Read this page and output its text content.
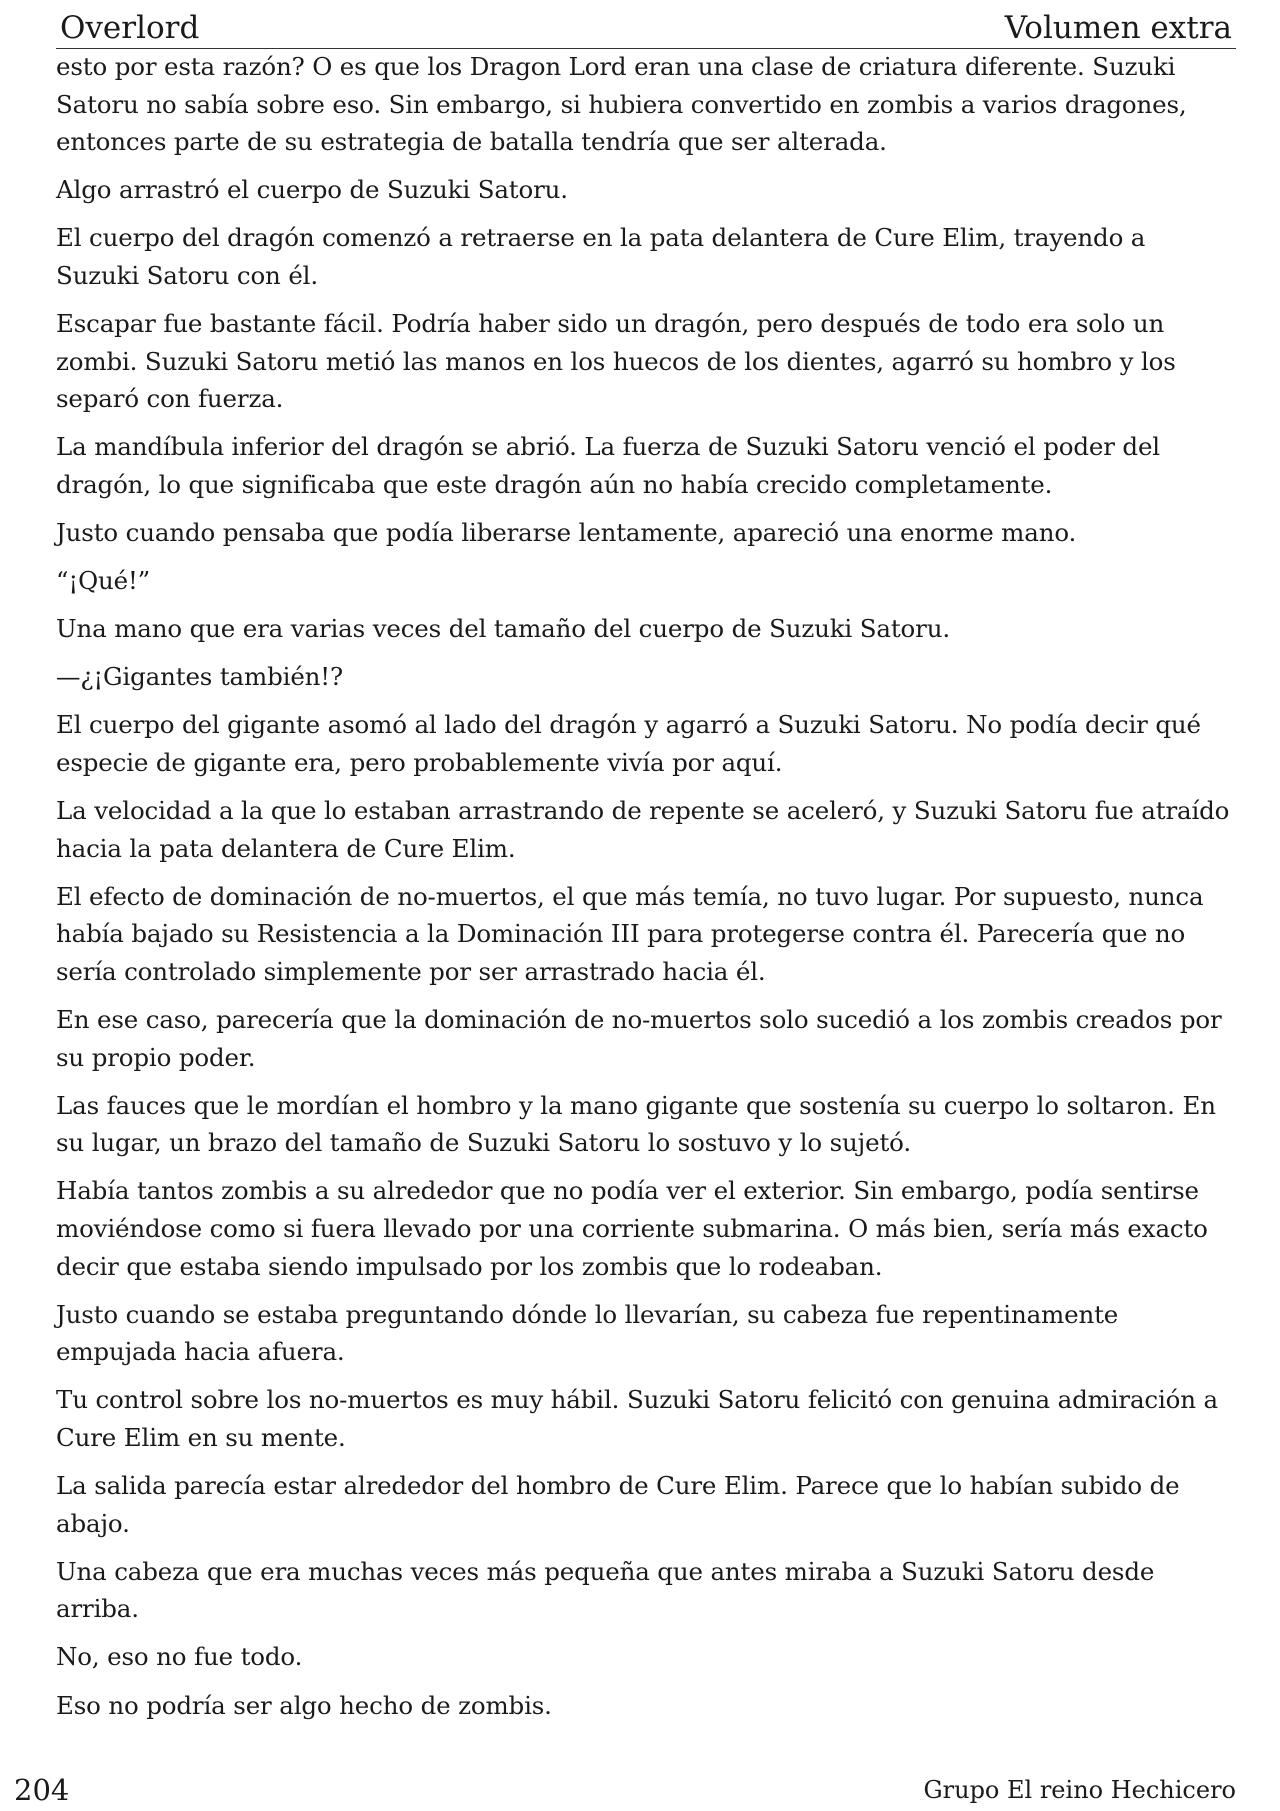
Overlord	Volumen extra

esto por esta razón? O es que los Dragon Lord eran una clase de criatura diferente. Suzuki Satoru no sabía sobre eso. Sin embargo, si hubiera convertido en zombis a varios dragones, entonces parte de su estrategia de batalla tendría que ser alterada.

Algo arrastró el cuerpo de Suzuki Satoru.

El cuerpo del dragón comenzó a retraerse en la pata delantera de Cure Elim, trayendo a Suzuki Satoru con él.

Escapar fue bastante fácil. Podría haber sido un dragón, pero después de todo era solo un zombi. Suzuki Satoru metió las manos en los huecos de los dientes, agarró su hombro y los separó con fuerza.

La mandíbula inferior del dragón se abrió. La fuerza de Suzuki Satoru venció el poder del dragón, lo que significaba que este dragón aún no había crecido completamente.

Justo cuando pensaba que podía liberarse lentamente, apareció una enorme mano.

“¡Qué!”

Una mano que era varias veces del tamaño del cuerpo de Suzuki Satoru.

—¿¡Gigantes también!?

El cuerpo del gigante asomó al lado del dragón y agarró a Suzuki Satoru. No podía decir qué especie de gigante era, pero probablemente vivía por aquí.

La velocidad a la que lo estaban arrastrando de repente se aceleró, y Suzuki Satoru fue atraído hacia la pata delantera de Cure Elim.

El efecto de dominación de no-muertos, el que más temía, no tuvo lugar. Por supuesto, nunca había bajado su Resistencia a la Dominación III para protegerse contra él. Parecería que no sería controlado simplemente por ser arrastrado hacia él.

En ese caso, parecería que la dominación de no-muertos solo sucedió a los zombis creados por su propio poder.

Las fauces que le mordían el hombro y la mano gigante que sostenía su cuerpo lo soltaron. En su lugar, un brazo del tamaño de Suzuki Satoru lo sostuvo y lo sujetó.

Había tantos zombis a su alrededor que no podía ver el exterior. Sin embargo, podía sentirse moviéndose como si fuera llevado por una corriente submarina. O más bien, sería más exacto decir que estaba siendo impulsado por los zombis que lo rodeaban.

Justo cuando se estaba preguntando dónde lo llevarían, su cabeza fue repentinamente empujada hacia afuera.

Tu control sobre los no-muertos es muy hábil. Suzuki Satoru felicitó con genuina admiración a Cure Elim en su mente.

La salida parecía estar alrededor del hombro de Cure Elim. Parece que lo habían subido de abajo.

Una cabeza que era muchas veces más pequeña que antes miraba a Suzuki Satoru desde arriba.

No, eso no fue todo.

Eso no podría ser algo hecho de zombis.

204	Grupo El reino Hechicero
